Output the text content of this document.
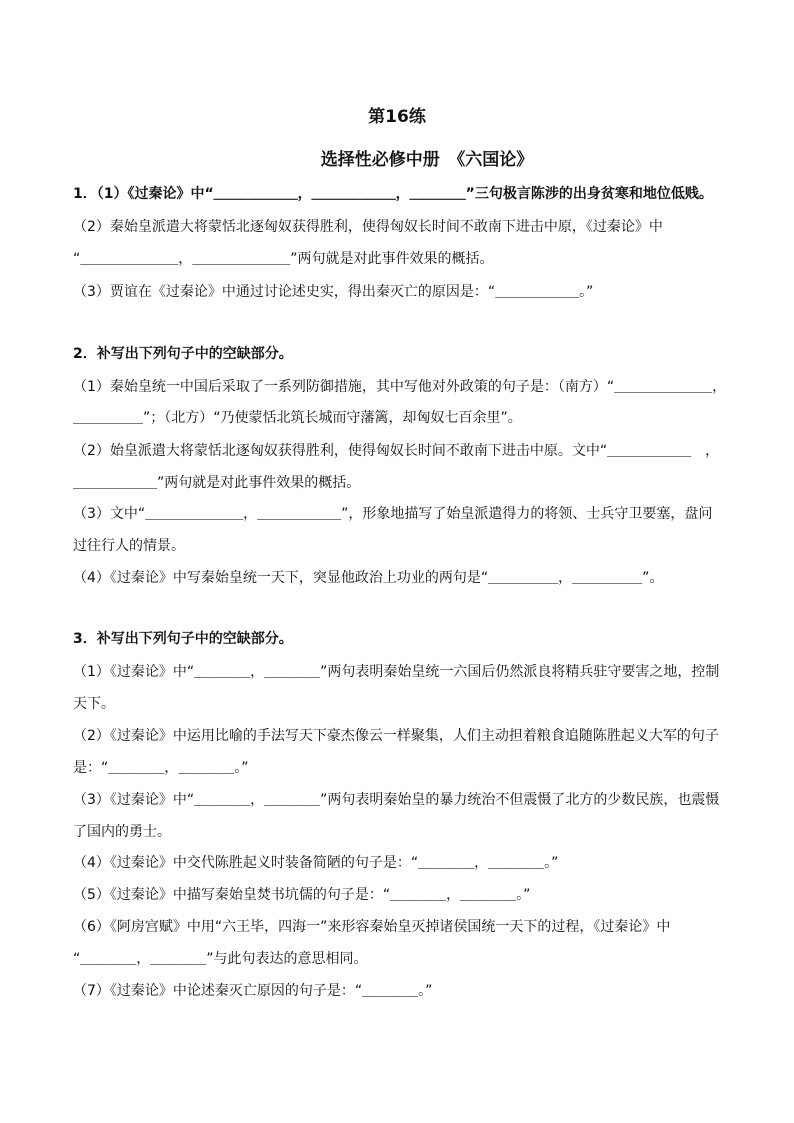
第16练
选择性必修中册　《六国论》

1．（1）《过秦论》中“＿＿＿＿＿＿，＿＿＿＿＿＿，＿＿＿＿”三句极言陈涉的出身贫寒和地位低贱。

（2）秦始皇派遣大将蒙恬北逐匈奴获得胜利，使得匈奴长时间不敢南下进击中原，《过秦论》中

“＿＿＿＿＿＿＿，＿＿＿＿＿＿＿”两句就是对此事件效果的概括。

（3）贾谊在《过秦论》中通过讨论述史实，得出秦灭亡的原因是：“＿＿＿＿＿＿。”

2．补写出下列句子中的空缺部分。

（1）秦始皇统一中国后采取了一系列防御措施，其中写他对外政策的句子是：（南方）“＿＿＿＿＿＿＿，

＿＿＿＿＿”；（北方）“乃使蒙恬北筑长城而守藩篱，却匈奴七百余里”。

（2）始皇派遣大将蒙恬北逐匈奴获得胜利，使得匈奴长时间不敢南下进击中原。文中“＿＿＿＿＿＿　，

＿＿＿＿＿＿”两句就是对此事件效果的概括。

（3）文中“＿＿＿＿＿＿＿，＿＿＿＿＿＿”，形象地描写了始皇派遣得力的将领、士兵守卫要塞，盘问

过往行人的情景。

（4）《过秦论》中写秦始皇统一天下，突显他政治上功业的两句是“＿＿＿＿＿，＿＿＿＿＿”。

3．补写出下列句子中的空缺部分。

（1）《过秦论》中“＿＿＿＿，＿＿＿＿”两句表明秦始皇统一六国后仍然派良将精兵驻守要害之地，控制

天下。

（2）《过秦论》中运用比喻的手法写天下豪杰像云一样聚集，人们主动担着粮食追随陈胜起义大军的句子

是：“＿＿＿＿，＿＿＿＿。”

（3）《过秦论》中“＿＿＿＿，＿＿＿＿”两句表明秦始皇的暴力统治不但震慑了北方的少数民族，也震慑

了国内的勇士。

（4）《过秦论》中交代陈胜起义时装备简陋的句子是：“＿＿＿＿，＿＿＿＿。”

（5）《过秦论》中描写秦始皇焚书坑儒的句子是：“＿＿＿＿，＿＿＿＿。”

（6）《阿房宫赋》中用“六王毕，四海一”来形容秦始皇灭掉诸侯国统一天下的过程，《过秦论》中

“＿＿＿＿，＿＿＿＿”与此句表达的意思相同。

（7）《过秦论》中论述秦灭亡原因的句子是：“＿＿＿＿。”
